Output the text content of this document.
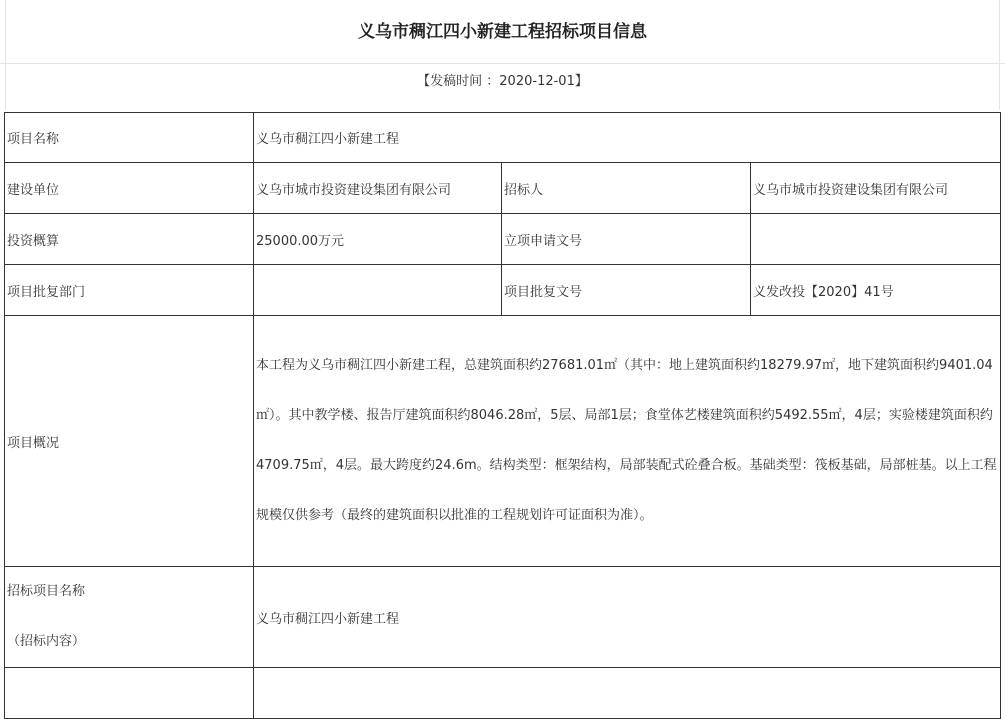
义乌市稠江四小新建工程招标项目信息
【发稿时间 ：2020-12-01】
项目名称	义乌市稠江四小新建工程		
建设单位	义乌市城市投资建设集团有限公司	招标人	义乌市城市投资建设集团有限公司
投资概算	25000.00万元	立项申请文号	
项目批复部门		项目批复文号	义发改投【2020】41号
项目概况	本工程为义乌市稠江四小新建工程，总建筑面积约27681.01㎡（其中：地上建筑面积约18279.97㎡，地下建筑面积约9401.04㎡）。其中教学楼、报告厅建筑面积约8046.28㎡，5层、局部1层；食堂体艺楼建筑面积约5492.55㎡，4层；实验楼建筑面积约4709.75㎡，4层。最大跨度约24.6m。结构类型：框架结构，局部装配式砼叠合板。基础类型：筏板基础，局部桩基。以上工程规模仅供参考（最终的建筑面积以批准的工程规划许可证面积为准）。		
招标项目名称
（招标内容）	义乌市稠江四小新建工程		
